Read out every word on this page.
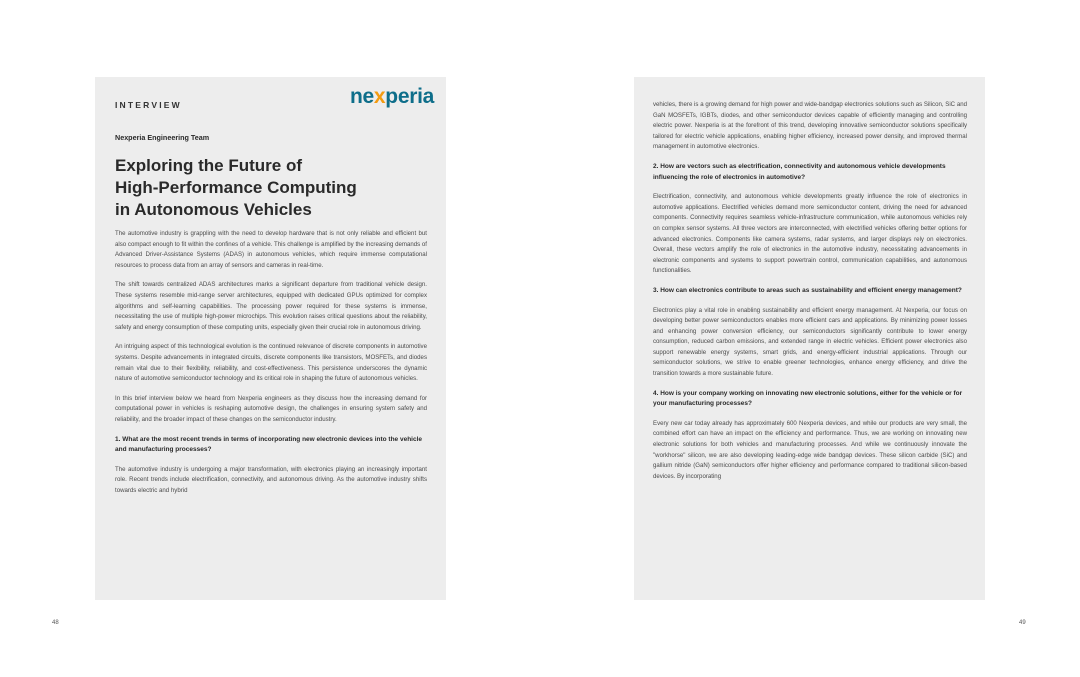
INTERVIEW	nexperia
Nexperia Engineering Team
Exploring the Future of
High-Performance Computing
in Autonomous Vehicles

The automotive industry is grappling with the need to develop hardware that is not only reliable and efficient but also compact enough to fit within the confines of a vehicle. This challenge is amplified by the increasing demands of Advanced Driver-Assistance Systems (ADAS) in autonomous vehicles, which require immense computational resources to process data from an array of sensors and cameras in real-time.

The shift towards centralized ADAS architectures marks a significant departure from traditional vehicle design. These systems resemble mid-range server architectures, equipped with dedicated GPUs optimized for complex algorithms and self-learning capabilities. The processing power required for these systems is immense, necessitating the use of multiple high-power microchips. This evolution raises critical questions about the reliability, safety and energy consumption of these computing units, especially given their crucial role in autonomous driving.

An intriguing aspect of this technological evolution is the continued relevance of discrete components in automotive systems. Despite advancements in integrated circuits, discrete components like transistors, MOSFETs, and diodes remain vital due to their flexibility, reliability, and cost-effectiveness. This persistence underscores the dynamic nature of automotive semiconductor technology and its critical role in shaping the future of autonomous vehicles.

In this brief interview below we heard from Nexperia engineers as they discuss how the increasing demand for computational power in vehicles is reshaping automotive design, the challenges in ensuring system safety and reliability, and the broader impact of these changes on the semiconductor industry.

1. What are the most recent trends in terms of incorporating new electronic devices into the vehicle and manufacturing processes?

The automotive industry is undergoing a major transformation, with electronics playing an increasingly important role. Recent trends include electrification, connectivity, and autonomous driving. As the automotive industry shifts towards electric and hybrid

vehicles, there is a growing demand for high power and wide-bandgap electronics solutions such as Silicon, SiC and GaN MOSFETs, IGBTs, diodes, and other semiconductor devices capable of efficiently managing and controlling electric power. Nexperia is at the forefront of this trend, developing innovative semiconductor solutions specifically tailored for electric vehicle applications, enabling higher efficiency, increased power density, and improved thermal management in automotive electronics.

2. How are vectors such as electrification, connectivity and autonomous vehicle developments influencing the role of electronics in automotive?

Electrification, connectivity, and autonomous vehicle developments greatly influence the role of electronics in automotive applications. Electrified vehicles demand more semiconductor content, driving the need for advanced components. Connectivity requires seamless vehicle-infrastructure communication, while autonomous vehicles rely on complex sensor systems. All three vectors are interconnected, with electrified vehicles offering better options for advanced electronics. Components like camera systems, radar systems, and larger displays rely on electronics. Overall, these vectors amplify the role of electronics in the automotive industry, necessitating advancements in electronic components and systems to support powertrain control, communication capabilities, and autonomous functionalities.

3. How can electronics contribute to areas such as sustainability and efficient energy management?

Electronics play a vital role in enabling sustainability and efficient energy management. At Nexperia, our focus on developing better power semiconductors enables more efficient cars and applications. By minimizing power losses and enhancing power conversion efficiency, our semiconductors significantly contribute to lower energy consumption, reduced carbon emissions, and extended range in electric vehicles. Efficient power electronics also support renewable energy systems, smart grids, and energy-efficient industrial applications. Through our semiconductor solutions, we strive to enable greener technologies, enhance energy efficiency, and drive the transition towards a more sustainable future.

4. How is your company working on innovating new electronic solutions, either for the vehicle or for your manufacturing processes?

Every new car today already has approximately 600 Nexperia devices, and while our products are very small, the combined effort can have an impact on the efficiency and performance. Thus, we are working on innovating new electronic solutions for both vehicles and manufacturing processes. And while we continuously innovate the "workhorse" silicon, we are also developing leading-edge wide bandgap devices. These silicon carbide (SiC) and gallium nitride (GaN) semiconductors offer higher efficiency and performance compared to traditional silicon-based devices. By incorporating

48	49
